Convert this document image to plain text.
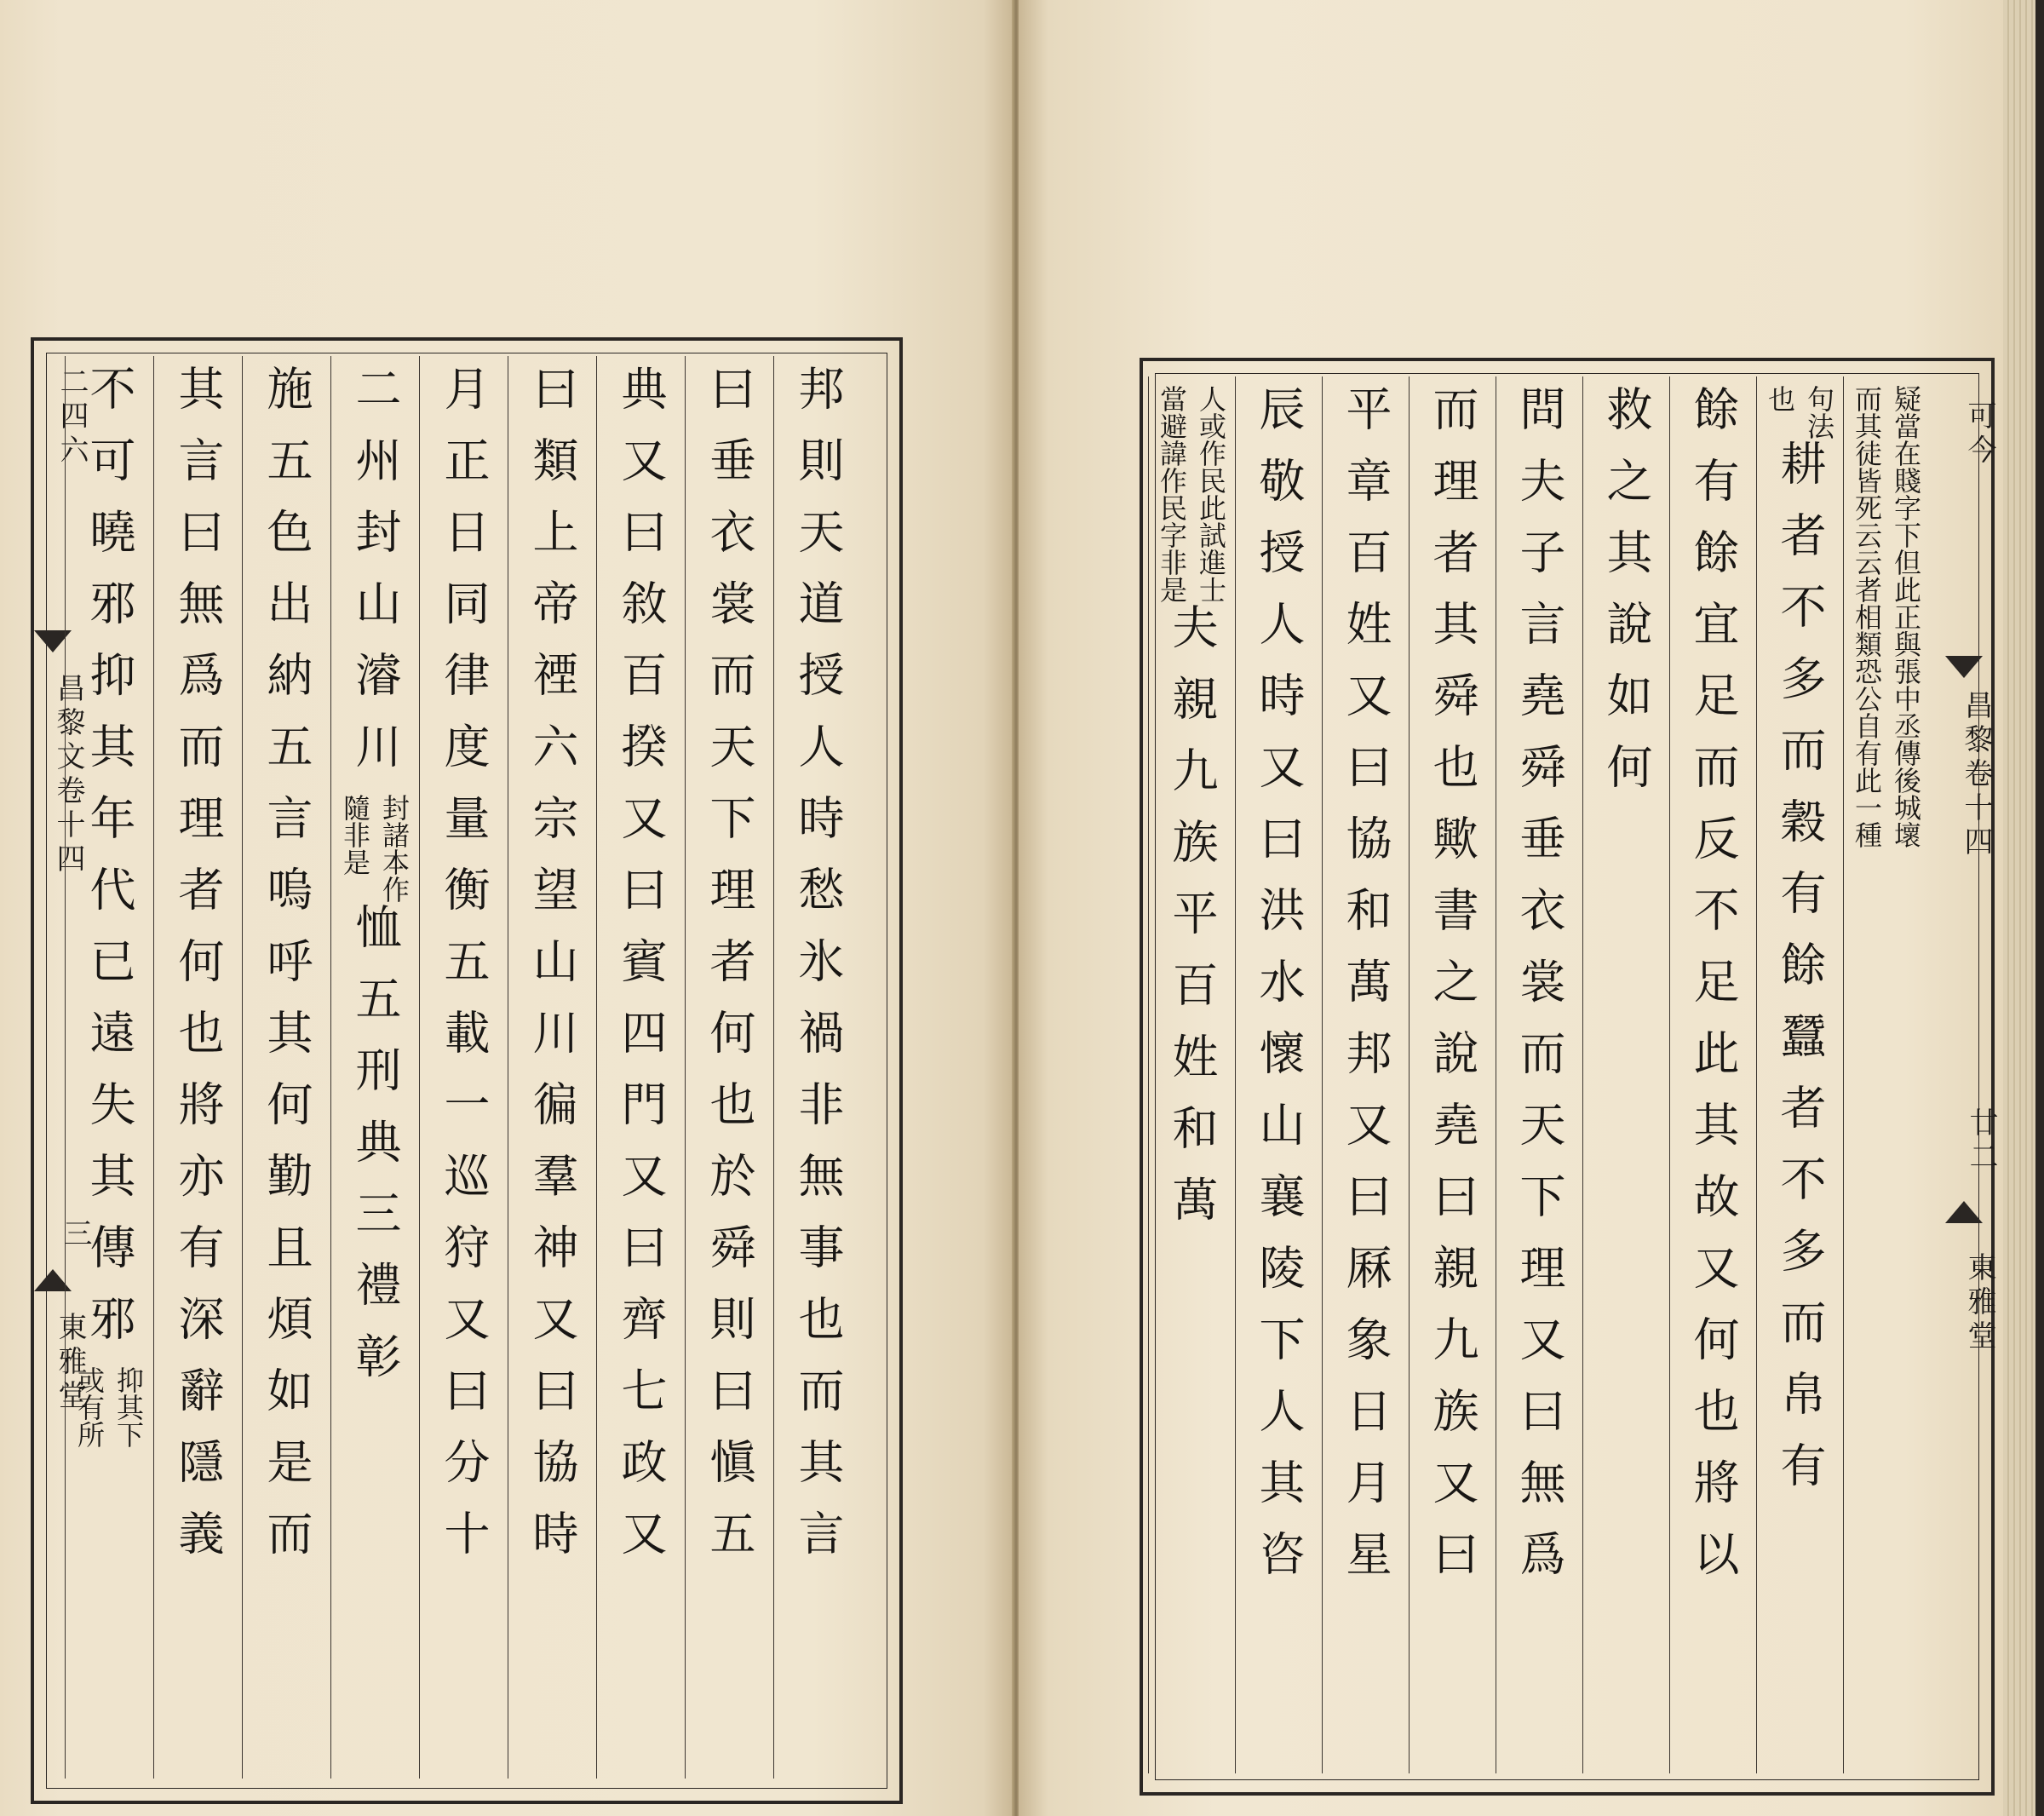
二四六
昌黎文卷十四
三
東雅堂
可今
昌黎卷十四
廿二
東雅堂
邦則天道授人時愁氷禍非無事也而其言
曰垂衣裳而天下理者何也於舜則曰愼五
典又曰敘百揆又曰賓四門又曰齊七政又
曰類上帝禋六宗望山川徧羣神又曰協時
月正日同律度量衡五載一巡狩又曰分十
二州封山濬川
封諸本作
隨非是
恤五刑典三禮彰
施五色出納五言嗚呼其何勤且煩如是而
其言曰無爲而理者何也將亦有深辭隱義
不可曉邪抑其年代已遠失其傳邪
抑其下
或有所
疑當在賤字下但此正與張中丞傳後城壞
而其徒皆死云云者相類恐公自有此一種
句法
也
耕者不多而穀有餘蠶者不多而帛有
餘有餘宜足而反不足此其故又何也將以
救之其說如何
問夫子言堯舜垂衣裳而天下理又曰無爲
而理者其舜也歟書之說堯曰親九族又曰
平章百姓又曰協和萬邦又曰厤象日月星
辰敬授人時又曰洪水懷山襄陵下人其咨
人或作民此試進士
當避諱作民字非是
夫親九族平百姓和萬
